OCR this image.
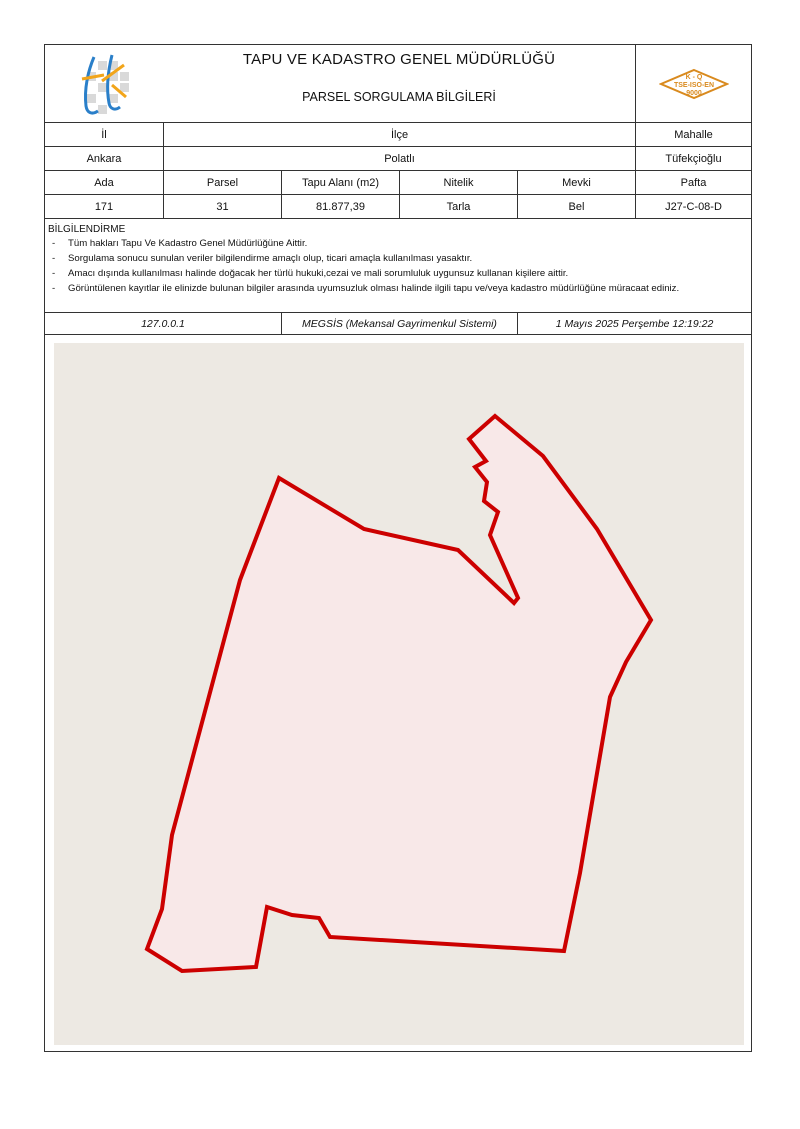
TAPU VE KADASTRO GENEL MÜDÜRLÜĞÜ
PARSEL SORGULAMA BİLGİLERİ
K - Q
TSE-ISO-EN
9000
İl	İlçe	Mahalle
Ankara	Polatlı	Tüfekçioğlu
Ada	Parsel	Tapu Alanı (m2)	Nitelik	Mevki	Pafta
171	31	81.877,39	Tarla	Bel	J27-C-08-D
BİLGİLENDİRME
- Tüm hakları Tapu Ve Kadastro Genel Müdürlüğüne Aittir.
- Sorgulama sonucu sunulan veriler bilgilendirme amaçlı olup, ticari amaçla kullanılması yasaktır.
- Amacı dışında kullanılması halinde doğacak her türlü hukuki,cezai ve mali sorumluluk uygunsuz kullanan kişilere aittir.
- Görüntülenen kayıtlar ile elinizde bulunan bilgiler arasında uyumsuzluk olması halinde ilgili tapu ve/veya kadastro müdürlüğüne müracaat ediniz.
127.0.0.1	MEGSİS (Mekansal Gayrimenkul Sistemi)	1 Mayıs 2025 Perşembe 12:19:22
